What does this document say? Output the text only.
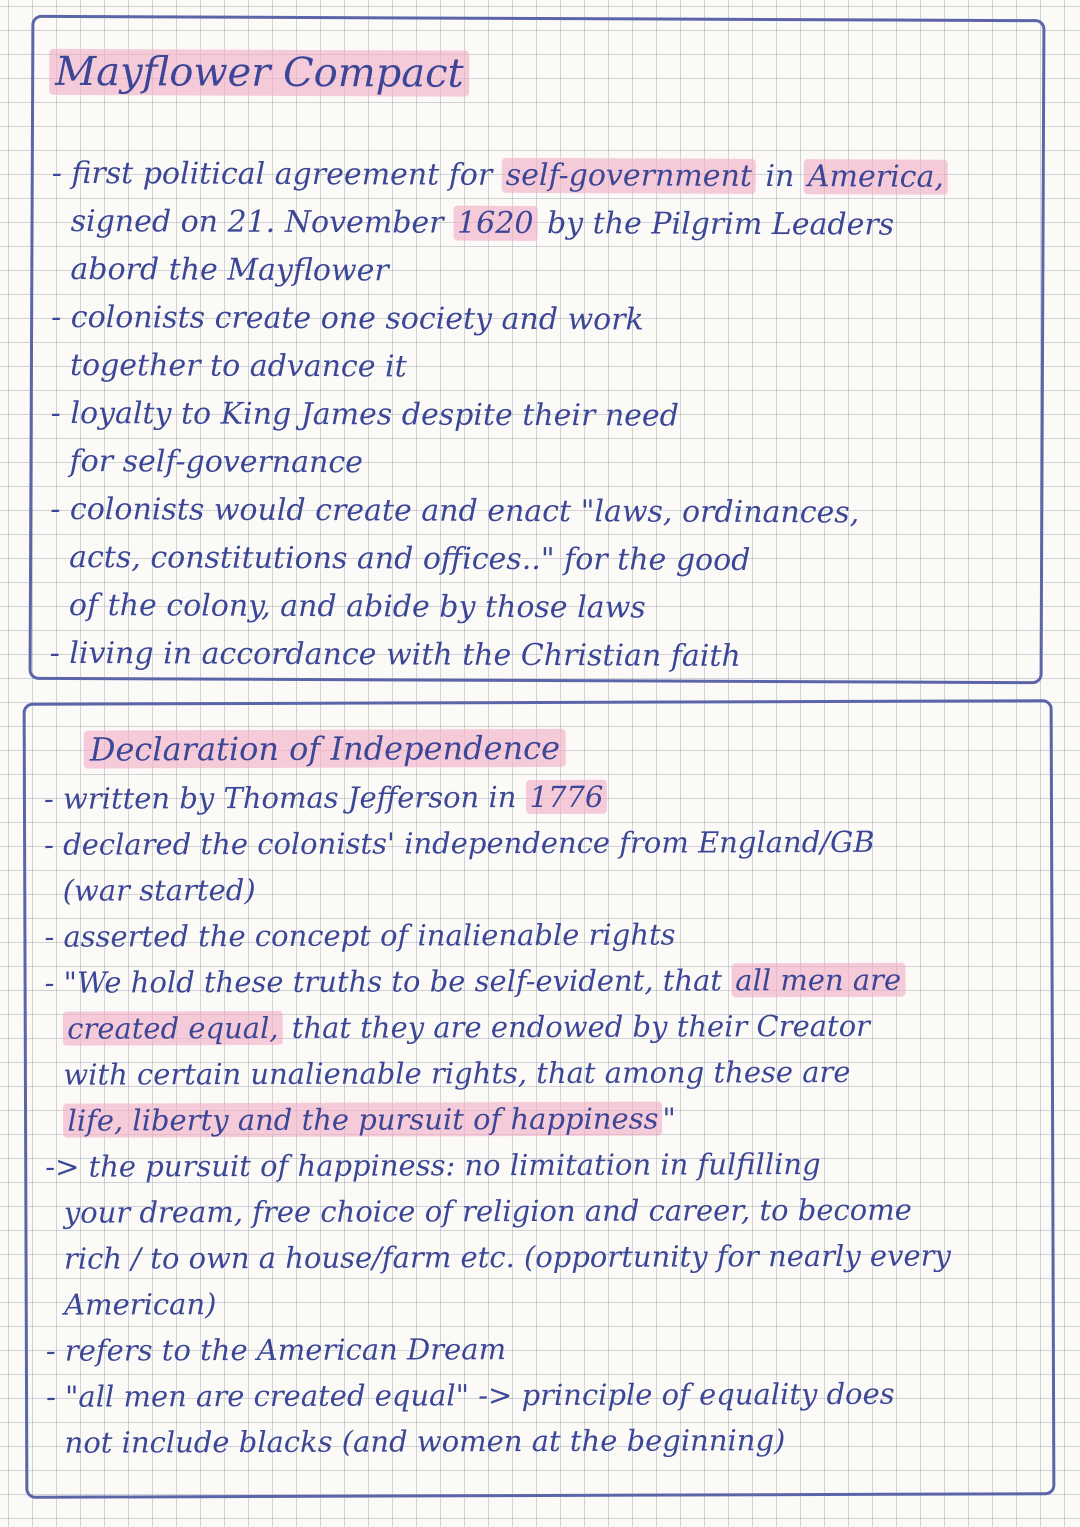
Mayflower Compact
- first political agreement for self-government in America,
signed on 21. November 1620 by the Pilgrim Leaders
abord the Mayflower
- colonists create one society and work
together to advance it
- loyalty to King James despite their need
for self-governance
- colonists would create and enact "laws, ordinances,
acts, constitutions and offices.." for the good
of the colony, and abide by those laws
- living in accordance with the Christian faith
Declaration of Independence
- written by Thomas Jefferson in 1776
- declared the colonists' independence from England/GB
(war started)
- asserted the concept of inalienable rights
- "We hold these truths to be self-evident, that all men are
created equal, that they are endowed by their Creator
with certain unalienable rights, that among these are
life, liberty and the pursuit of happiness "
-> the pursuit of happiness: no limitation in fulfilling
your dream, free choice of religion and career, to become
rich / to own a house/farm etc. (opportunity for nearly every
American)
- refers to the American Dream
- "all men are created equal" -> principle of equality does
not include blacks (and women at the beginning)
